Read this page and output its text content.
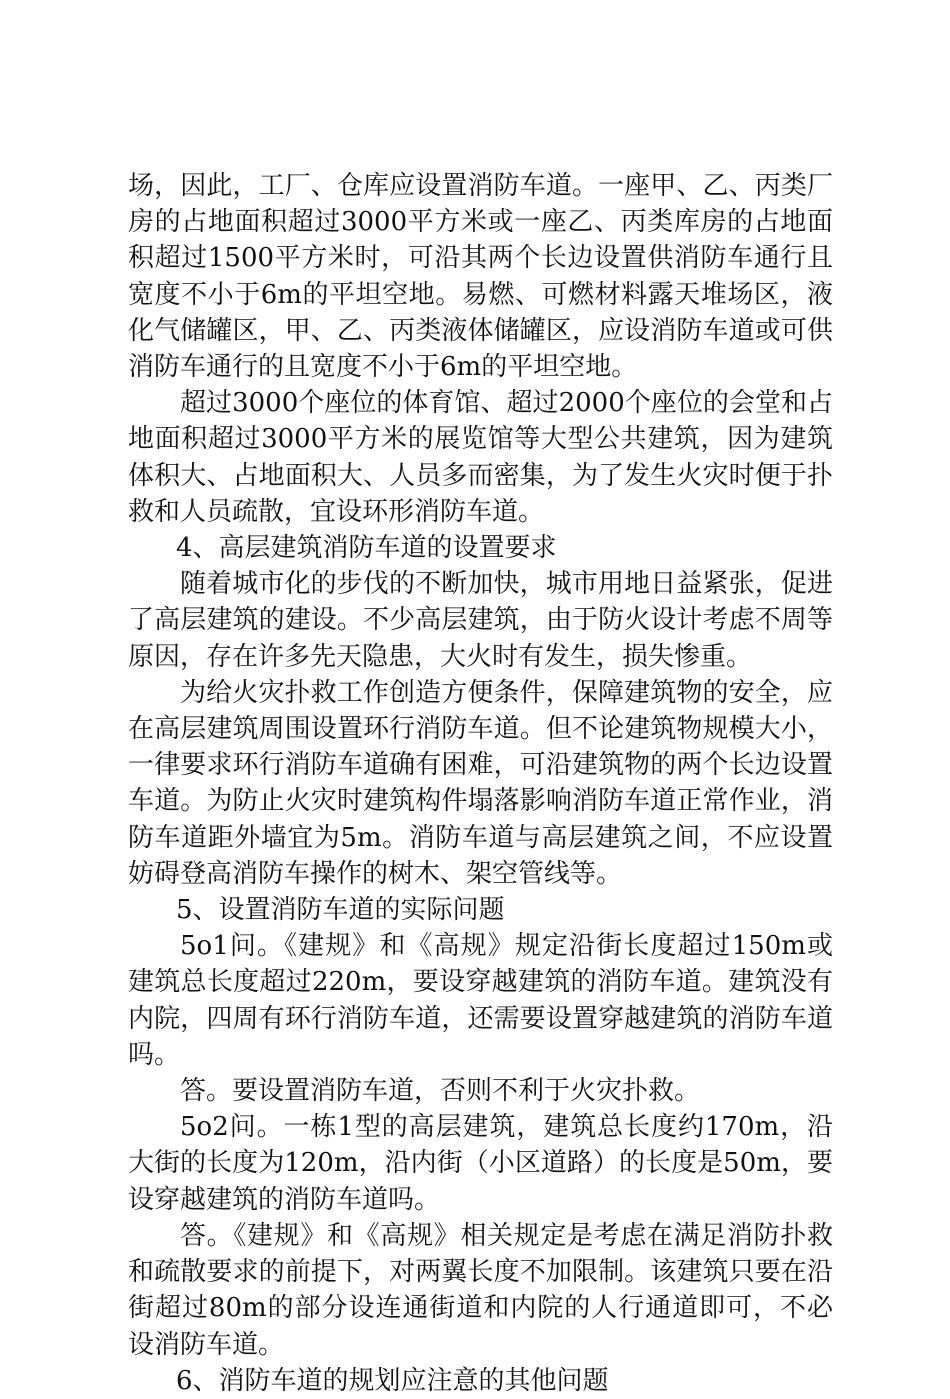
场，因此，工厂、仓库应设置消防车道。一座甲、乙、丙类厂房的占地面积超过3000平方米或一座乙、丙类库房的占地面积超过1500平方米时，可沿其两个长边设置供消防车通行且宽度不小于6m的平坦空地。易燃、可燃材料露天堆场区，液化气储罐区，甲、乙、丙类液体储罐区，应设消防车道或可供消防车通行的且宽度不小于6m的平坦空地。

超过3000个座位的体育馆、超过2000个座位的会堂和占地面积超过3000平方米的展览馆等大型公共建筑，因为建筑体积大、占地面积大、人员多而密集，为了发生火灾时便于扑救和人员疏散，宜设环形消防车道。

4、高层建筑消防车道的设置要求

随着城市化的步伐的不断加快，城市用地日益紧张，促进了高层建筑的建设。不少高层建筑，由于防火设计考虑不周等原因，存在许多先天隐患，大火时有发生，损失惨重。

为给火灾扑救工作创造方便条件，保障建筑物的安全，应在高层建筑周围设置环行消防车道。但不论建筑物规模大小，一律要求环行消防车道确有困难，可沿建筑物的两个长边设置车道。为防止火灾时建筑构件塌落影响消防车道正常作业，消防车道距外墙宜为5m。消防车道与高层建筑之间，不应设置妨碍登高消防车操作的树木、架空管线等。

5、设置消防车道的实际问题

5o1问。《建规》和《高规》规定沿街长度超过150m或建筑总长度超过220m，要设穿越建筑的消防车道。建筑没有内院，四周有环行消防车道，还需要设置穿越建筑的消防车道吗。

答。要设置消防车道，否则不利于火灾扑救。

5o2问。一栋1型的高层建筑，建筑总长度约170m，沿大街的长度为120m，沿内街（小区道路）的长度是50m，要设穿越建筑的消防车道吗。

答。《建规》和《高规》相关规定是考虑在满足消防扑救和疏散要求的前提下，对两翼长度不加限制。该建筑只要在沿街超过80m的部分设连通街道和内院的人行通道即可，不必设消防车道。

6、消防车道的规划应注意的其他问题
